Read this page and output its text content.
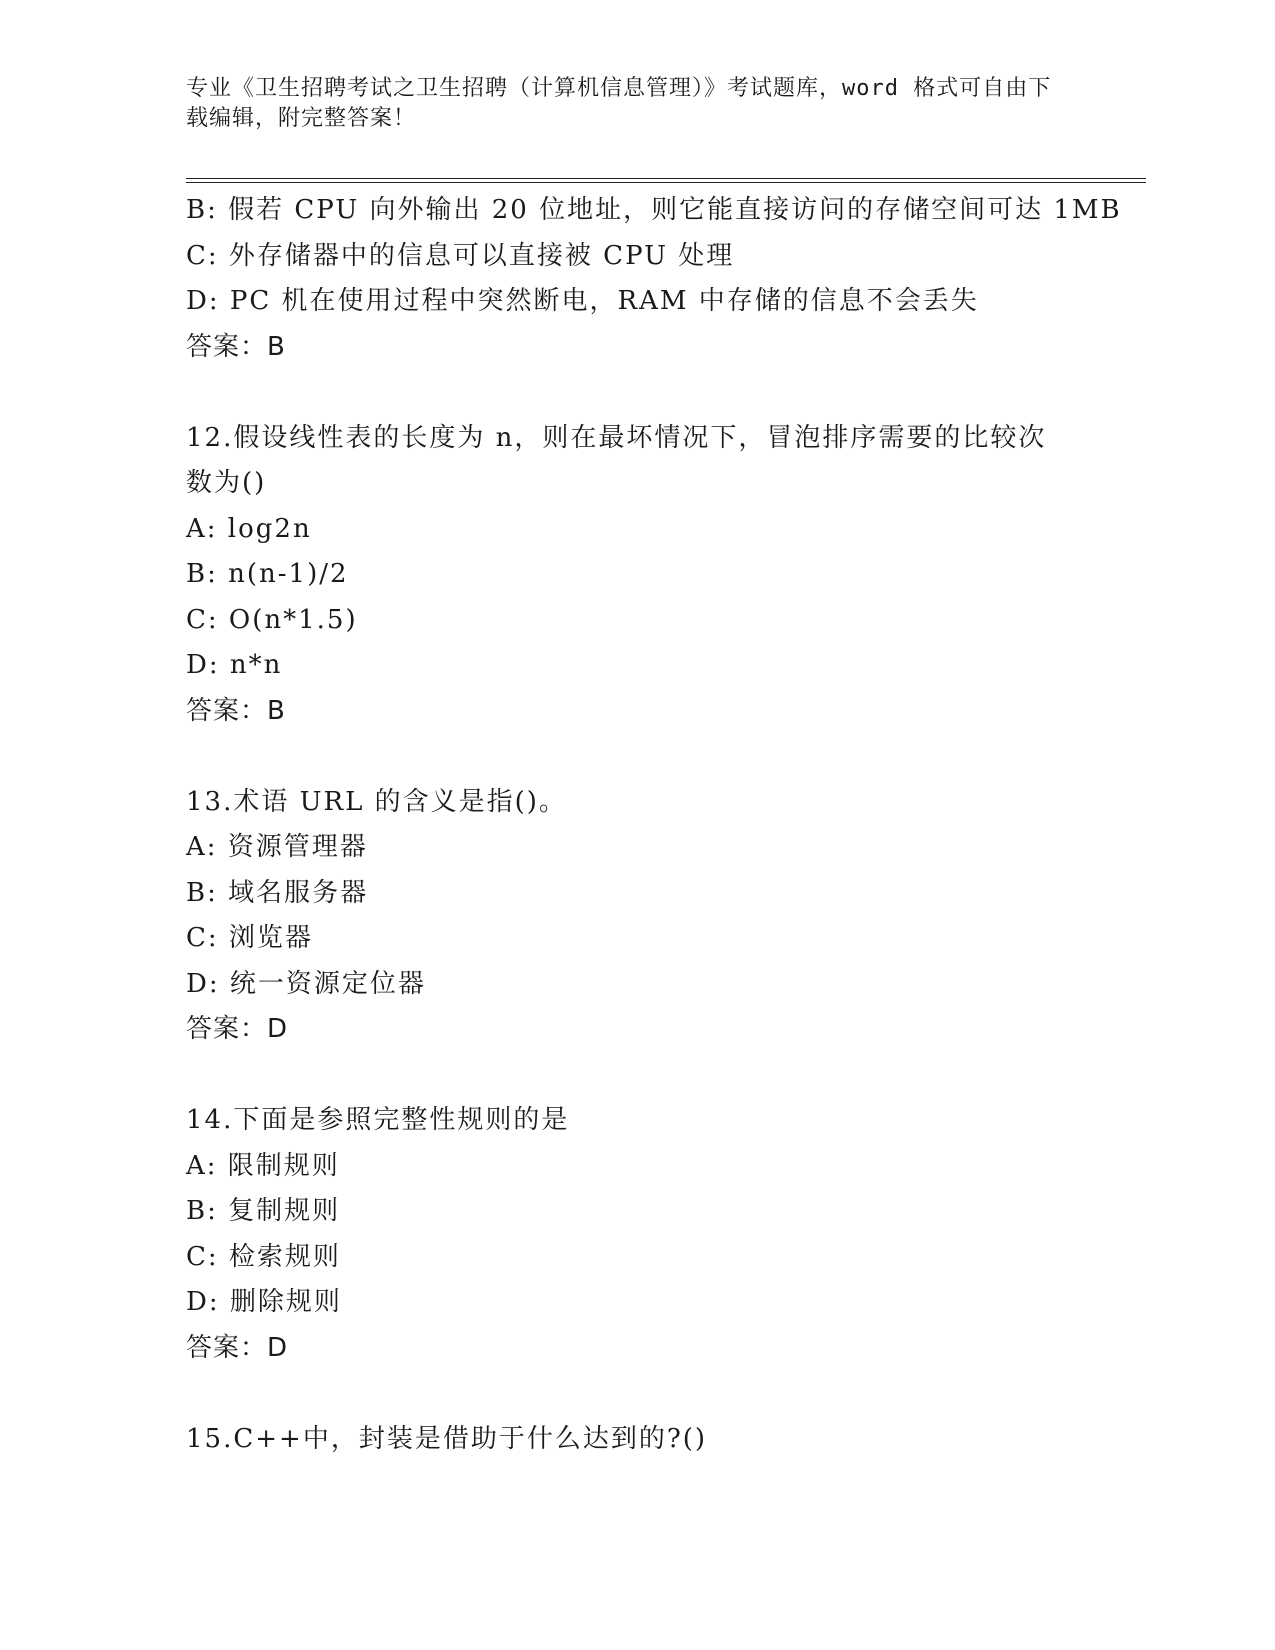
专业《卫生招聘考试之卫生招聘（计算机信息管理）》考试题库，word 格式可自由下载编辑，附完整答案！
B: 假若 CPU 向外输出 20 位地址，则它能直接访问的存储空间可达 1MB
C: 外存储器中的信息可以直接被 CPU 处理
D: PC 机在使用过程中突然断电，RAM 中存储的信息不会丢失
答案：B
12.假设线性表的长度为 n，则在最坏情况下，冒泡排序需要的比较次数为()
A: log2n
B: n(n-1)/2
C: O(n*1.5)
D: n*n
答案：B
13.术语 URL 的含义是指()。
A: 资源管理器
B: 域名服务器
C: 浏览器
D: 统一资源定位器
答案：D
14.下面是参照完整性规则的是
A: 限制规则
B: 复制规则
C: 检索规则
D: 删除规则
答案：D
15.C++中，封装是借助于什么达到的?()
